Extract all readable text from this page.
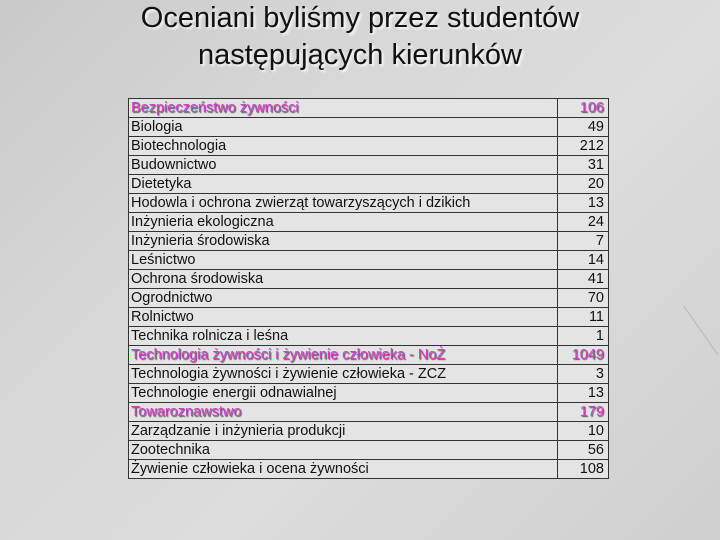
Oceniani byliśmy przez studentów
następujących kierunków
Bezpieczeństwo żywności	106
Biologia	49
Biotechnologia	212
Budownictwo	31
Dietetyka	20
Hodowla i ochrona zwierząt towarzyszących i dzikich	13
Inżynieria ekologiczna	24
Inżynieria środowiska	7
Leśnictwo	14
Ochrona środowiska	41
Ogrodnictwo	70
Rolnictwo	11
Technika rolnicza i leśna	1
Technologia żywności i żywienie człowieka - NoŻ	1049
Technologia żywności i żywienie człowieka - ZCZ	3
Technologie energii odnawialnej	13
Towaroznawstwo	179
Zarządzanie i inżynieria produkcji	10
Zootechnika	56
Żywienie człowieka i ocena żywności	108
